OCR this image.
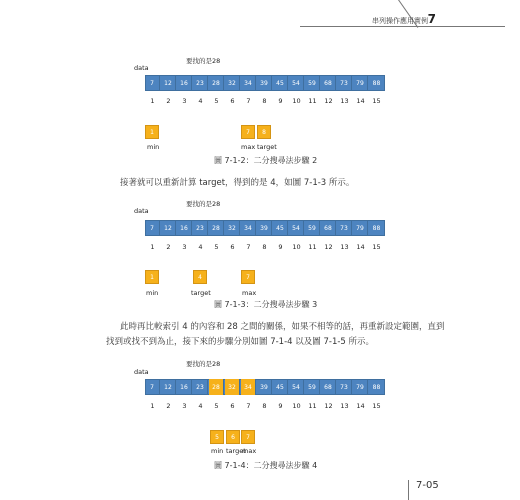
串列操作應用實例 7
要找的是28
data
7	12	16	23	28	32	34	39	45	54	59	68	73	79	88
1	2	3	4	5	6	7	8	9	10	11	12	13	14	15
1
min
7
max
8
target
圖 7-1-2：二分搜尋法步驟 2
接著就可以重新計算 target，得到的是 4，如圖 7-1-3 所示。
要找的是28
data
7	12	16	23	28	32	34	39	45	54	59	68	73	79	88
1	2	3	4	5	6	7	8	9	10	11	12	13	14	15
1
min
4
target
7
max
圖 7-1-3：二分搜尋法步驟 3
此時再比較索引 4 的內容和 28 之間的關係，如果不相等的話，再重新設定範圍，直到
找到或找不到為止，接下來的步驟分別如圖 7-1-4 以及圖 7-1-5 所示。
要找的是28
data
7	12	16	23	28	32	34	39	45	54	59	68	73	79	88
1	2	3	4	5	6	7	8	9	10	11	12	13	14	15
5
min
6
target
7
max
圖 7-1-4：二分搜尋法步驟 4
7-05
